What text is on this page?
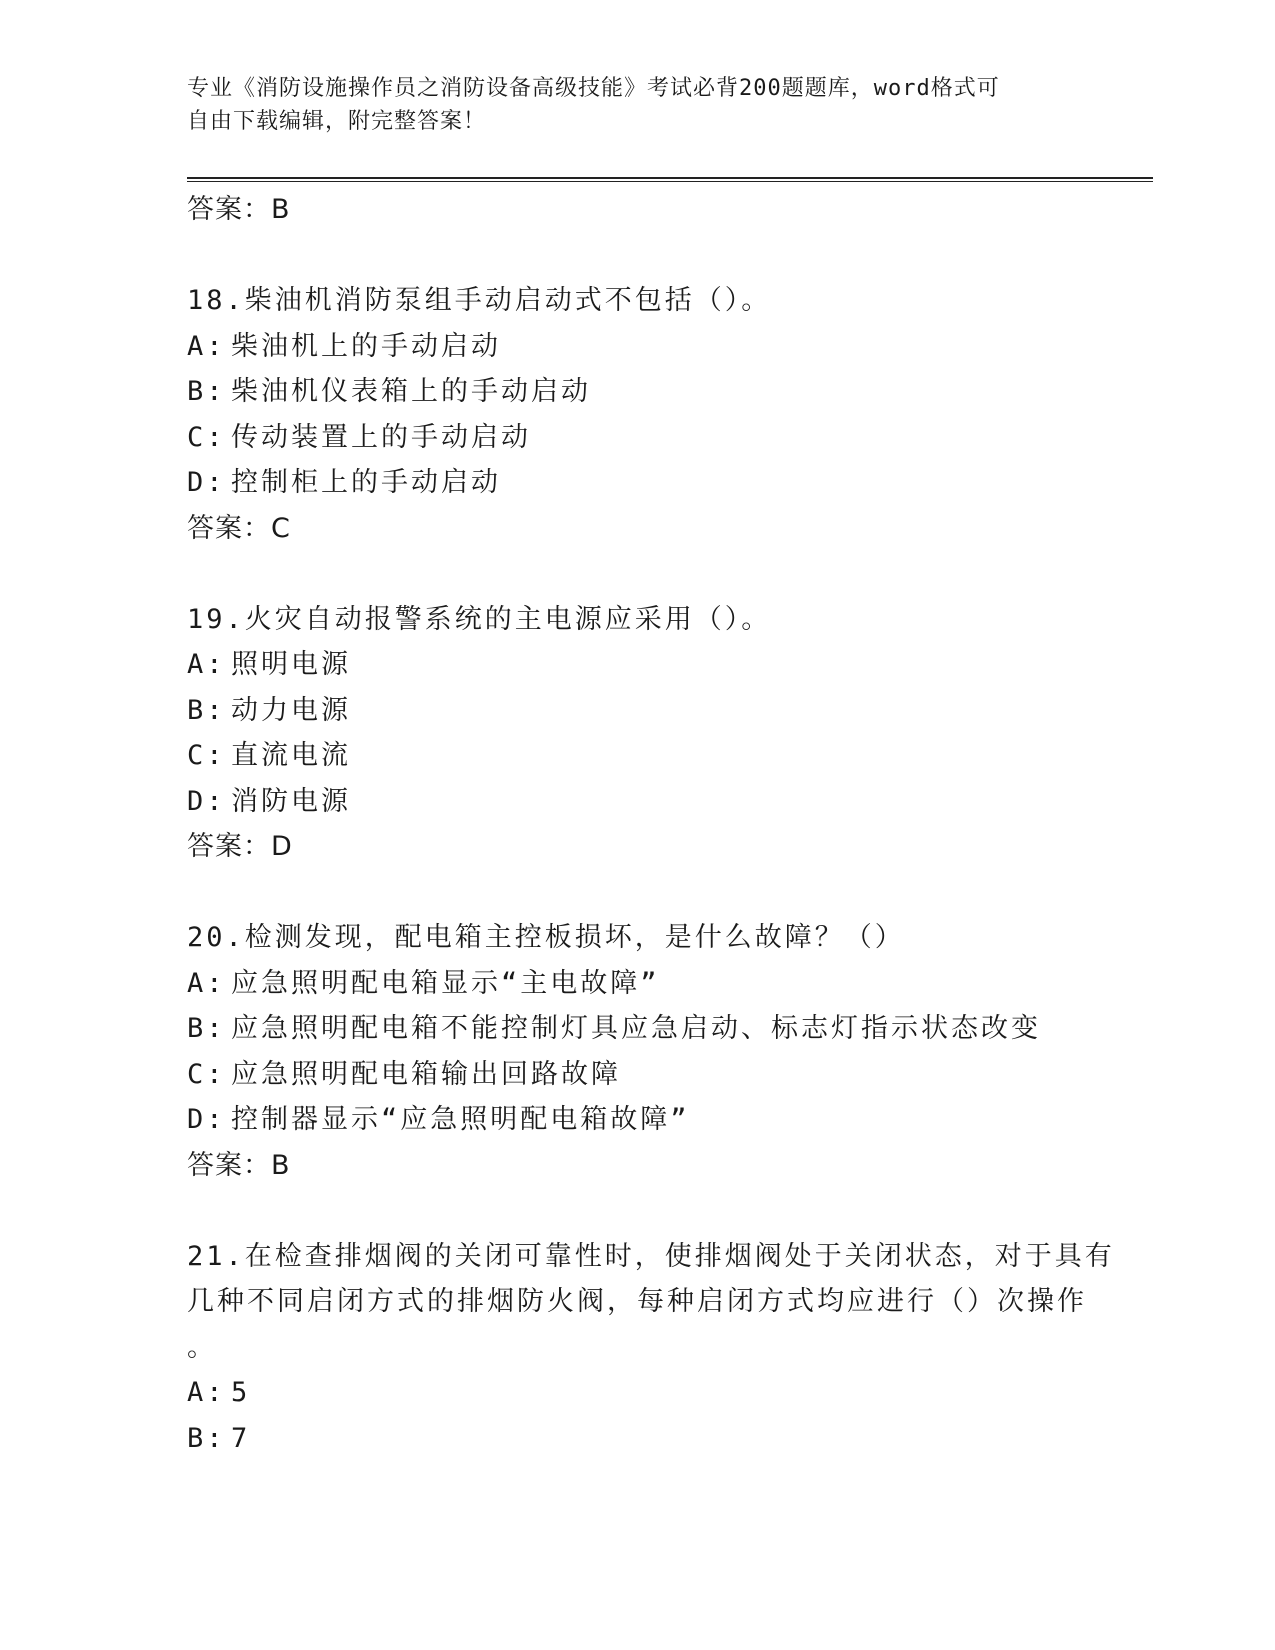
专业《消防设施操作员之消防设备高级技能》考试必背200题题库，word格式可
自由下载编辑，附完整答案！
答案：B
18.柴油机消防泵组手动启动式不包括（）。
A: 柴油机上的手动启动
B: 柴油机仪表箱上的手动启动
C: 传动装置上的手动启动
D: 控制柜上的手动启动
答案：C
19.火灾自动报警系统的主电源应采用（）。
A: 照明电源
B: 动力电源
C: 直流电流
D: 消防电源
答案：D
20.检测发现，配电箱主控板损坏，是什么故障？（）
A: 应急照明配电箱显示“主电故障”
B: 应急照明配电箱不能控制灯具应急启动、标志灯指示状态改变
C: 应急照明配电箱输出回路故障
D: 控制器显示“应急照明配电箱故障”
答案：B
21.在检查排烟阀的关闭可靠性时，使排烟阀处于关闭状态，对于具有
几种不同启闭方式的排烟防火阀，每种启闭方式均应进行（）次操作
。
A: 5
B: 7
